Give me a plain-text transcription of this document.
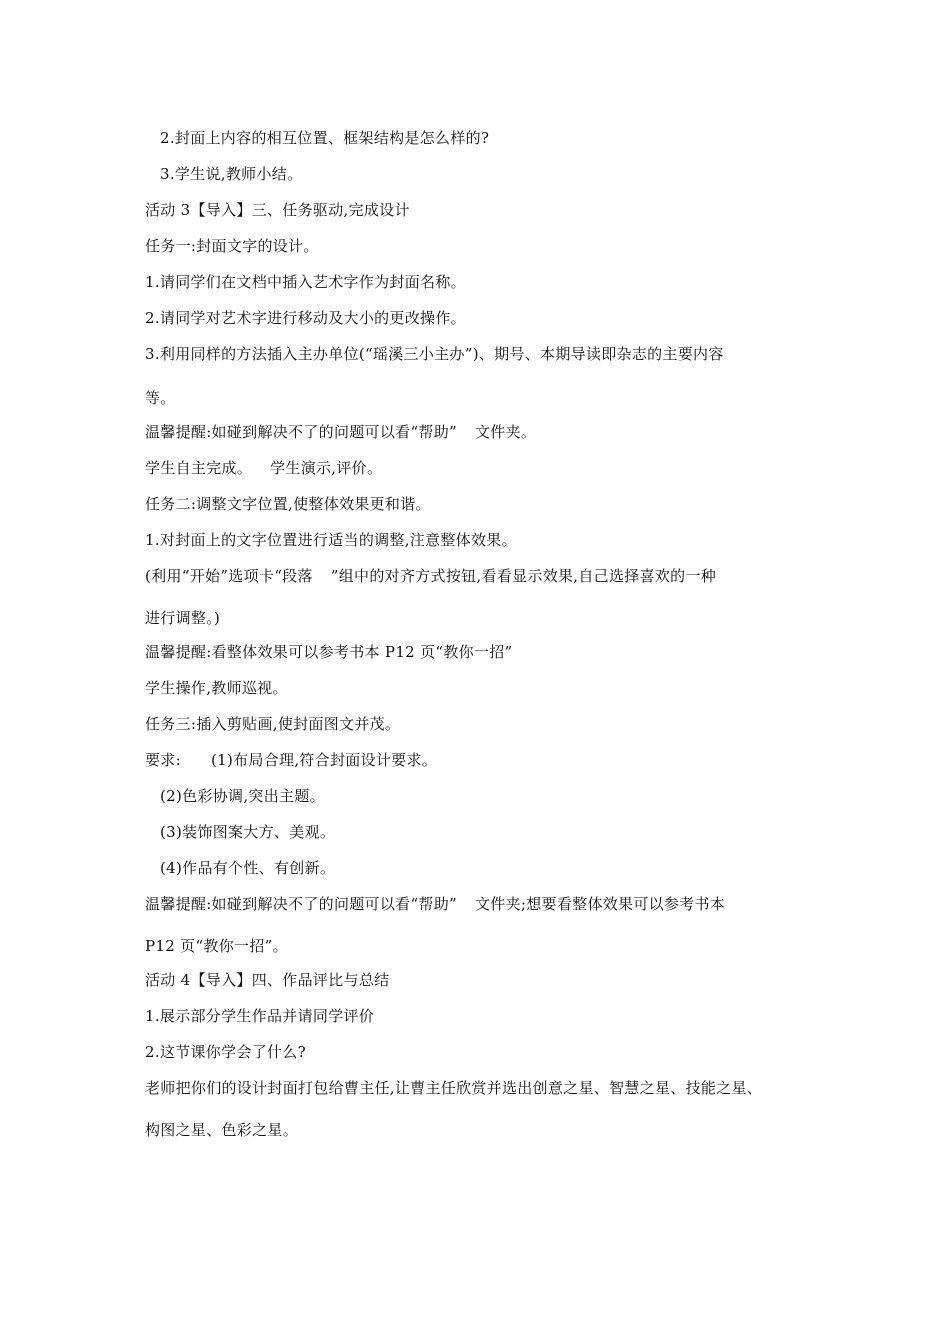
2.封面上内容的相互位置、框架结构是怎么样的?
3.学生说,教师小结。
活动 3【导入】三、任务驱动,完成设计
任务一:封面文字的设计。
1.请同学们在文档中插入艺术字作为封面名称。
2.请同学对艺术字进行移动及大小的更改操作。
3.利用同样的方法插入主办单位(“瑶溪三小主办”)、期号、本期导读即杂志的主要内容
等。
温馨提醒:如碰到解决不了的问题可以看“帮助” 文件夹。
学生自主完成。 学生演示,评价。
任务二:调整文字位置,使整体效果更和谐。
1.对封面上的文字位置进行适当的调整,注意整体效果。
(利用“开始”选项卡“段落 ”组中的对齐方式按钮,看看显示效果,自己选择喜欢的一种
进行调整。)
温馨提醒:看整体效果可以参考书本 P12 页“教你一招”
学生操作,教师巡视。
任务三:插入剪贴画,使封面图文并茂。
要求: (1)布局合理,符合封面设计要求。
(2)色彩协调,突出主题。
(3)装饰图案大方、美观。
(4)作品有个性、有创新。
温馨提醒:如碰到解决不了的问题可以看“帮助” 文件夹;想要看整体效果可以参考书本
P12 页“教你一招”。
活动 4【导入】四、作品评比与总结
1.展示部分学生作品并请同学评价
2.这节课你学会了什么?
老师把你们的设计封面打包给曹主任,让曹主任欣赏并选出创意之星、智慧之星、技能之星、
构图之星、色彩之星。
